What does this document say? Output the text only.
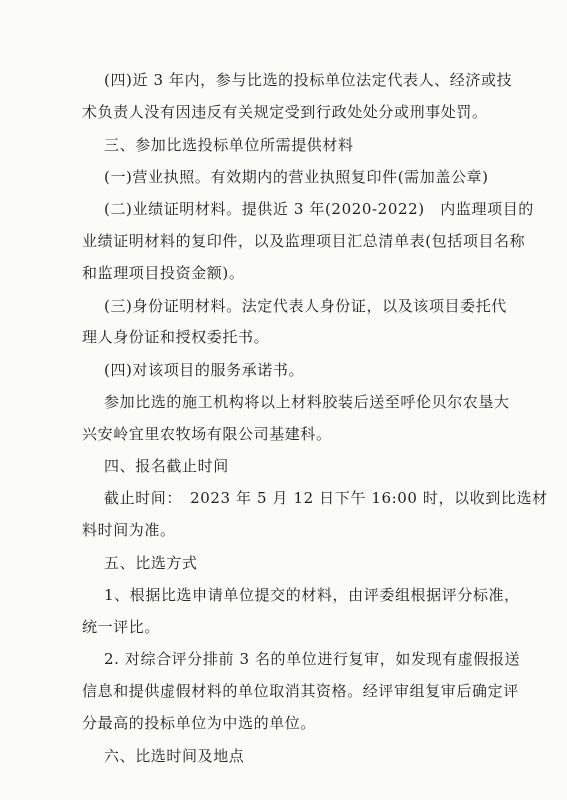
(四)近 3 年内，参与比选的投标单位法定代表人、经济或技
术负责人没有因违反有关规定受到行政处处分或刑事处罚。
三、参加比选投标单位所需提供材料
(一)营业执照。有效期内的营业执照复印件(需加盖公章)
(二)业绩证明材料。提供近 3 年(2020-2022)　内监理项目的
业绩证明材料的复印件，以及监理项目汇总清单表(包括项目名称
和监理项目投资金额)。
(三)身份证明材料。法定代表人身份证，以及该项目委托代
理人身份证和授权委托书。
(四)对该项目的服务承诺书。
参加比选的施工机构将以上材料胶装后送至呼伦贝尔农垦大
兴安岭宜里农牧场有限公司基建科。
四、报名截止时间
截止时间：　2023 年 5 月 12 日下午 16:00 时，以收到比选材
料时间为准。
五、比选方式
1、根据比选申请单位提交的材料，由评委组根据评分标准，
统一评比。
2. 对综合评分排前 3 名的单位进行复审，如发现有虚假报送
信息和提供虚假材料的单位取消其资格。经评审组复审后确定评
分最高的投标单位为中选的单位。
六、比选时间及地点
